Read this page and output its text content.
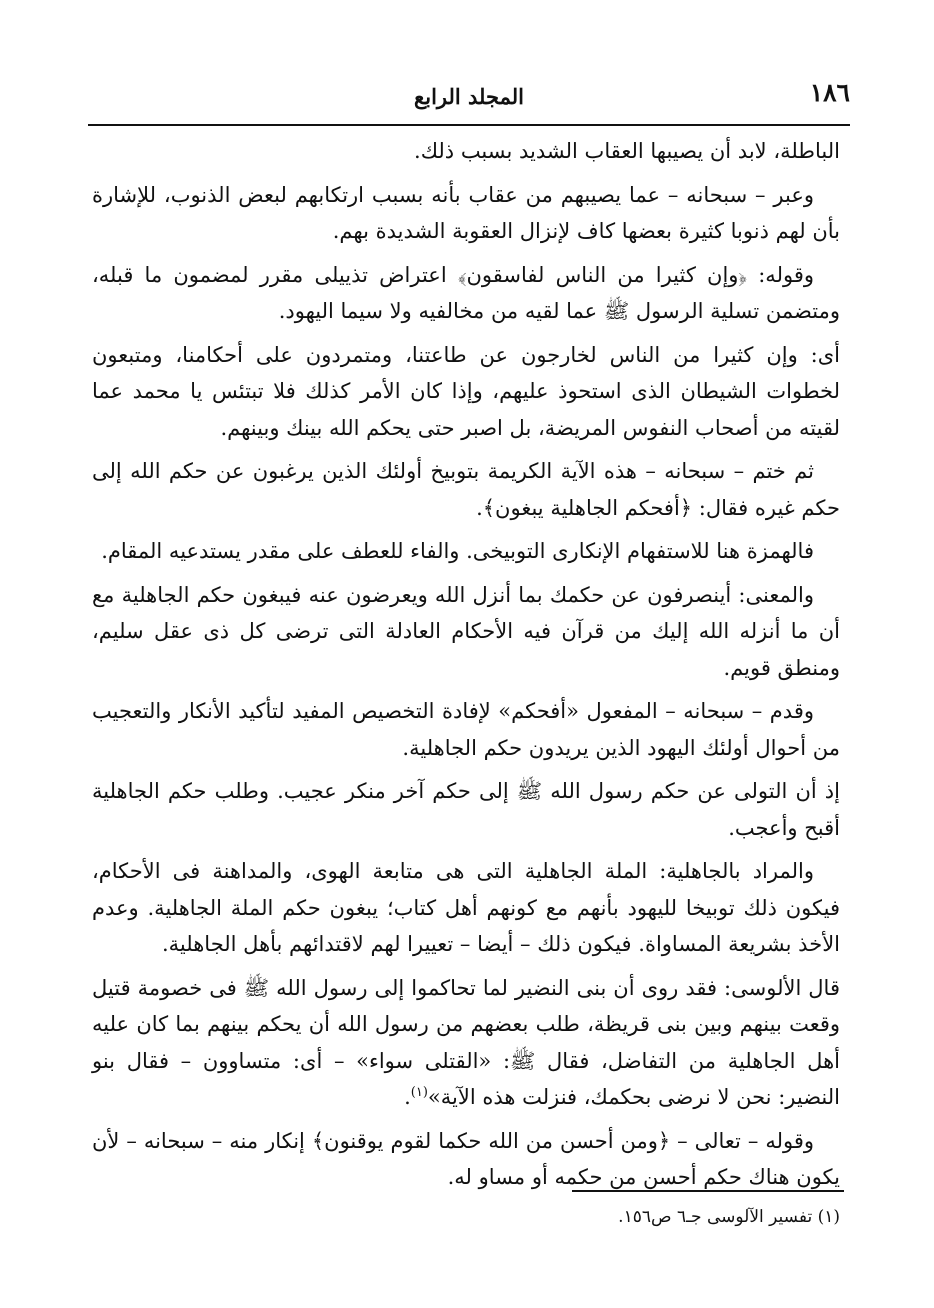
١٨٦
المجلد الرابع

الباطلة، لابد أن يصيبها العقاب الشديد بسبب ذلك.

وعبر – سبحانه – عما يصيبهم من عقاب بأنه بسبب ارتكابهم لبعض الذنوب، للإشارة بأن لهم ذنوبا كثيرة بعضها كاف لإنزال العقوبة الشديدة بهم.

وقوله: ﴿وإن كثيرا من الناس لفاسقون﴾ اعتراض تذييلى مقرر لمضمون ما قبله، ومتضمن تسلية الرسول ﷺ عما لقيه من مخالفيه ولا سيما اليهود.

أى: وإن كثيرا من الناس لخارجون عن طاعتنا، ومتمردون على أحكامنا، ومتبعون لخطوات الشيطان الذى استحوذ عليهم، وإذا كان الأمر كذلك فلا تبتئس يا محمد عما لقيته من أصحاب النفوس المريضة، بل اصبر حتى يحكم الله بينك وبينهم.

ثم ختم – سبحانه – هذه الآية الكريمة بتوبيخ أولئك الذين يرغبون عن حكم الله إلى حكم غيره فقال: ﴿أفحكم الجاهلية يبغون﴾.

فالهمزة هنا للاستفهام الإنكارى التوبيخى. والفاء للعطف على مقدر يستدعيه المقام.

والمعنى: أينصرفون عن حكمك بما أنزل الله ويعرضون عنه فيبغون حكم الجاهلية مع أن ما أنزله الله إليك من قرآن فيه الأحكام العادلة التى ترضى كل ذى عقل سليم، ومنطق قويم.

وقدم – سبحانه – المفعول «أفحكم» لإفادة التخصيص المفيد لتأكيد الأنكار والتعجيب من أحوال أولئك اليهود الذين يريدون حكم الجاهلية.

إذ أن التولى عن حكم رسول الله ﷺ إلى حكم آخر منكر عجيب. وطلب حكم الجاهلية أقبح وأعجب.

والمراد بالجاهلية: الملة الجاهلية التى هى متابعة الهوى، والمداهنة فى الأحكام، فيكون ذلك توبيخا لليهود بأنهم مع كونهم أهل كتاب؛ يبغون حكم الملة الجاهلية. وعدم الأخذ بشريعة المساواة. فيكون ذلك – أيضا – تعييرا لهم لاقتدائهم بأهل الجاهلية.

قال الألوسى: فقد روى أن بنى النضير لما تحاكموا إلى رسول الله ﷺ فى خصومة قتيل وقعت بينهم وبين بنى قريظة، طلب بعضهم من رسول الله أن يحكم بينهم بما كان عليه أهل الجاهلية من التفاضل، فقال ﷺ: «القتلى سواء» – أى: متساوون – فقال بنو النضير: نحن لا نرضى بحكمك، فنزلت هذه الآية»$^{(١)}$.

وقوله – تعالى – ﴿ومن أحسن من الله حكما لقوم يوقنون﴾ إنكار منه – سبحانه – لأن يكون هناك حكم أحسن من حكمه أو مساو له.

(١) تفسير الآلوسى جـ٦ ص١٥٦.
